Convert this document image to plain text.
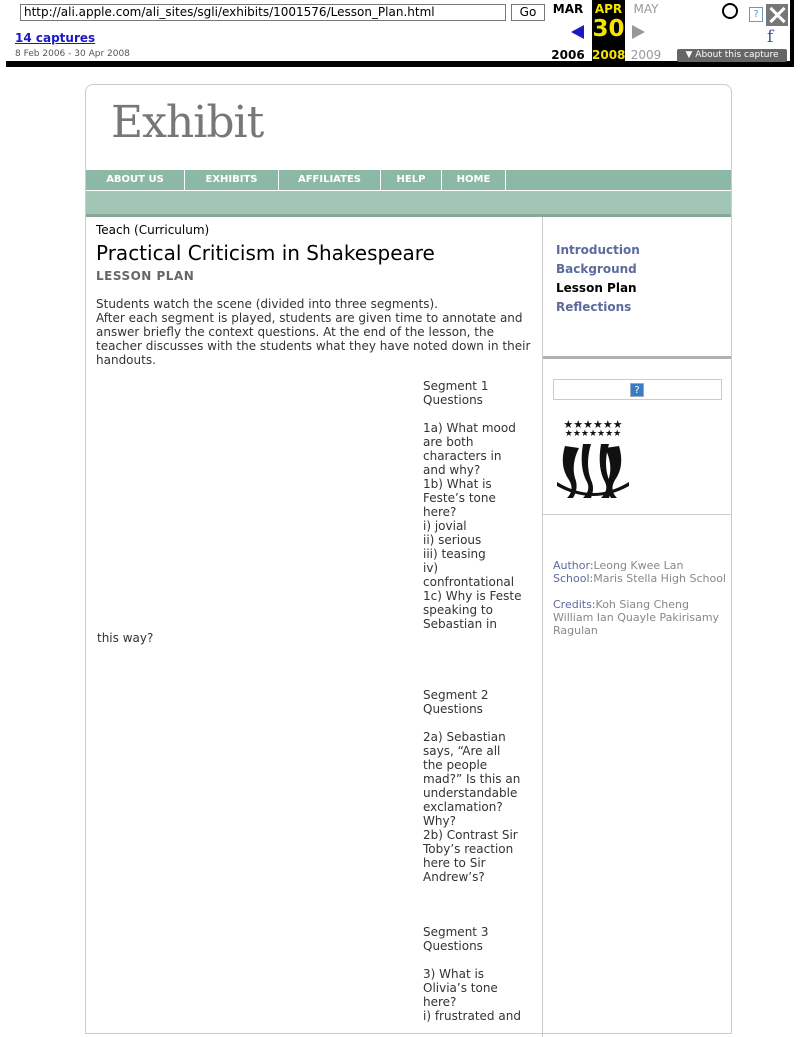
http://ali.apple.com/ali_sites/sgli/exhibits/1001576/Lesson_Plan.html	Go
14 captures
8 Feb 2006 - 30 Apr 2008
MAR
2006
APR
30
2008
MAY
2009
?
f
▼ About this capture
Exhibit
ABOUT US	EXHIBITS	AFFILIATES	HELP	HOME
Teach (Curriculum)
Practical Criticism in Shakespeare
LESSON PLAN
Students watch the scene (divided into three segments).
After each segment is played, students are given time to annotate and answer briefly the context questions. At the end of the lesson, the teacher discusses with the students what they have noted down in their handouts.
Segment 1 Questions
1a) What mood are both characters in and why?
1b) What is Feste’s tone here?
i) jovial
ii) serious
iii) teasing
iv) confrontational
1c) Why is Feste speaking to Sebastian in
this way?
Segment 2 Questions
2a) Sebastian says, “Are all the people mad?” Is this an understandable exclamation? Why?
2b) Contrast Sir Toby’s reaction here to Sir Andrew’s?
Segment 3 Questions
3) What is Olivia’s tone here?
i) frustrated and
Introduction
Background
Lesson Plan
Reflections
?
★★★★★★
★★★★★★★
Author:Leong Kwee Lan
School:Maris Stella High School
Credits:Koh Siang Cheng William Ian Quayle Pakirisamy Ragulan
